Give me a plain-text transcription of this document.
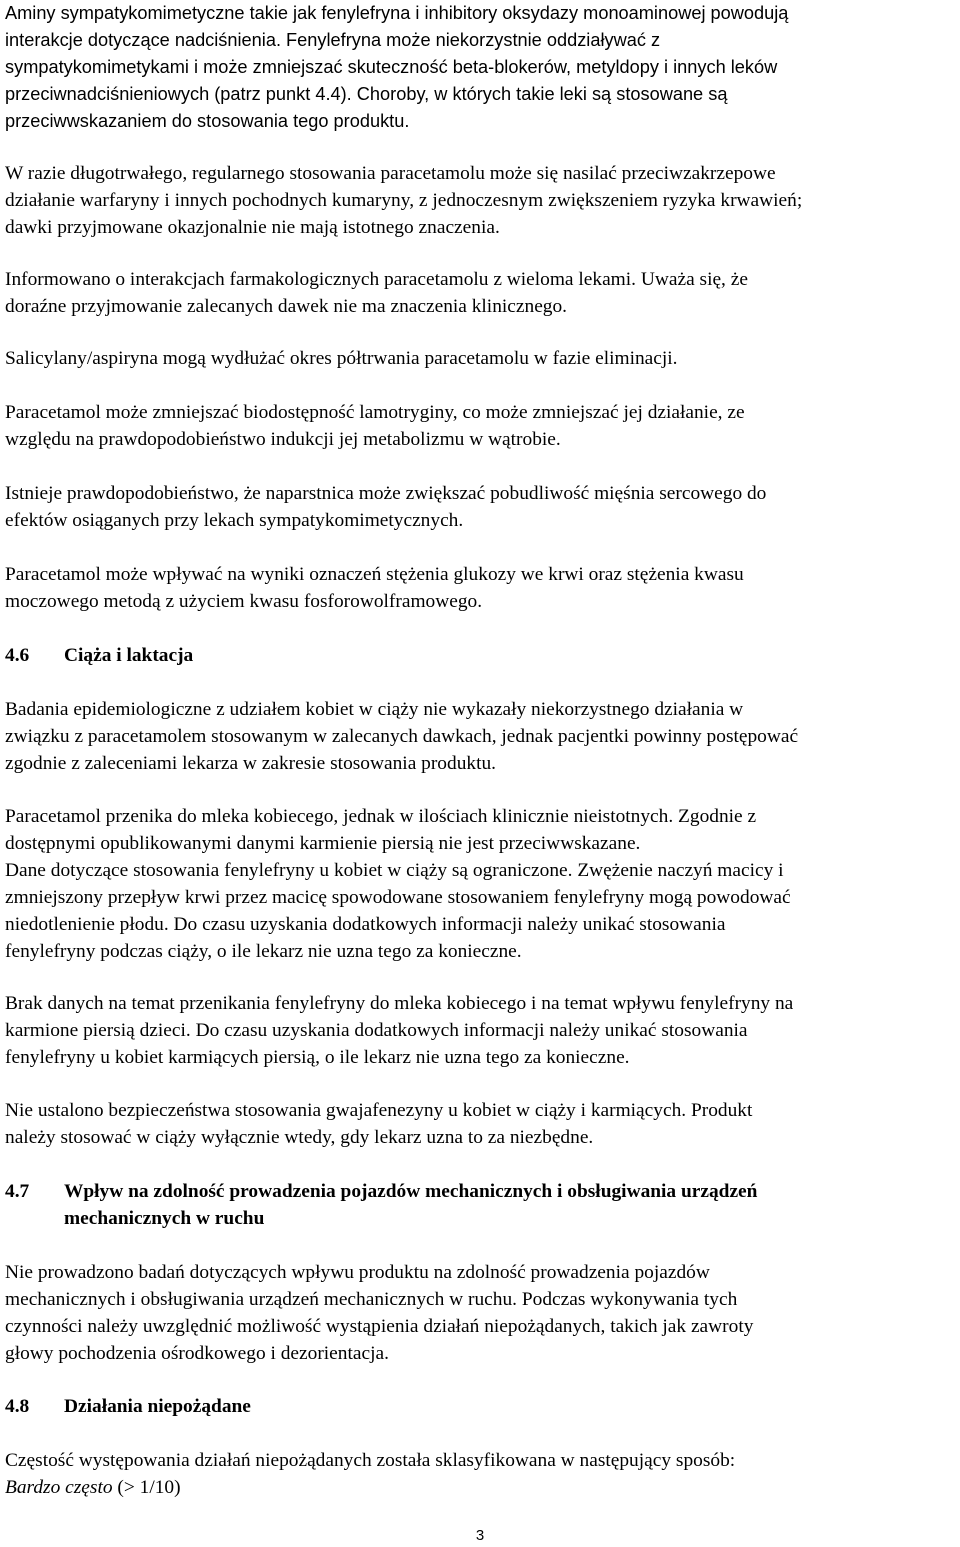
Aminy sympatykomimetyczne takie jak fenylefryna i inhibitory oksydazy monoaminowej powodują
interakcje dotyczące nadciśnienia. Fenylefryna może niekorzystnie oddziaływać z
sympatykomimetykami i może zmniejszać skuteczność beta-blokerów, metyldopy i innych leków
przeciwnadciśnieniowych (patrz punkt 4.4). Choroby, w których takie leki są stosowane są
przeciwwskazaniem do stosowania tego produktu.
W razie długotrwałego, regularnego stosowania paracetamolu może się nasilać przeciwzakrzepowe
działanie warfaryny i innych pochodnych kumaryny, z jednoczesnym zwiększeniem ryzyka krwawień;
dawki przyjmowane okazjonalnie nie mają istotnego znaczenia.
Informowano o interakcjach farmakologicznych paracetamolu z wieloma lekami. Uważa się, że
doraźne przyjmowanie zalecanych dawek nie ma znaczenia klinicznego.
Salicylany/aspiryna mogą wydłużać okres półtrwania paracetamolu w fazie eliminacji.
Paracetamol może zmniejszać biodostępność lamotryginy, co może zmniejszać jej działanie, ze
względu na prawdopodobieństwo indukcji jej metabolizmu w wątrobie.
Istnieje prawdopodobieństwo, że naparstnica może zwiększać pobudliwość mięśnia sercowego do
efektów osiąganych przy lekach sympatykomimetycznych.
Paracetamol może wpływać na wyniki oznaczeń stężenia glukozy we krwi oraz stężenia kwasu
moczowego metodą z użyciem kwasu fosforowolframowego.
4.6 Ciąża i laktacja
Badania epidemiologiczne z udziałem kobiet w ciąży nie wykazały niekorzystnego działania w
związku z paracetamolem stosowanym w zalecanych dawkach, jednak pacjentki powinny postępować
zgodnie z zaleceniami lekarza w zakresie stosowania produktu.
Paracetamol przenika do mleka kobiecego, jednak w ilościach klinicznie nieistotnych. Zgodnie z
dostępnymi opublikowanymi danymi karmienie piersią nie jest przeciwwskazane.
Dane dotyczące stosowania fenylefryny u kobiet w ciąży są ograniczone. Zwężenie naczyń macicy i
zmniejszony przepływ krwi przez macicę spowodowane stosowaniem fenylefryny mogą powodować
niedotlenienie płodu. Do czasu uzyskania dodatkowych informacji należy unikać stosowania
fenylefryny podczas ciąży, o ile lekarz nie uzna tego za konieczne.
Brak danych na temat przenikania fenylefryny do mleka kobiecego i na temat wpływu fenylefryny na
karmione piersią dzieci. Do czasu uzyskania dodatkowych informacji należy unikać stosowania
fenylefryny u kobiet karmiących piersią, o ile lekarz nie uzna tego za konieczne.
Nie ustalono bezpieczeństwa stosowania gwajafenezyny u kobiet w ciąży i karmiących. Produkt
należy stosować w ciąży wyłącznie wtedy, gdy lekarz uzna to za niezbędne.
4.7 Wpływ na zdolność prowadzenia pojazdów mechanicznych i obsługiwania urządzeń
mechanicznych w ruchu
Nie prowadzono badań dotyczących wpływu produktu na zdolność prowadzenia pojazdów
mechanicznych i obsługiwania urządzeń mechanicznych w ruchu. Podczas wykonywania tych
czynności należy uwzględnić możliwość wystąpienia działań niepożądanych, takich jak zawroty
głowy pochodzenia ośrodkowego i dezorientacja.
4.8 Działania niepożądane
Częstość występowania działań niepożądanych została sklasyfikowana w następujący sposób:
Bardzo często (> 1/10)
3
